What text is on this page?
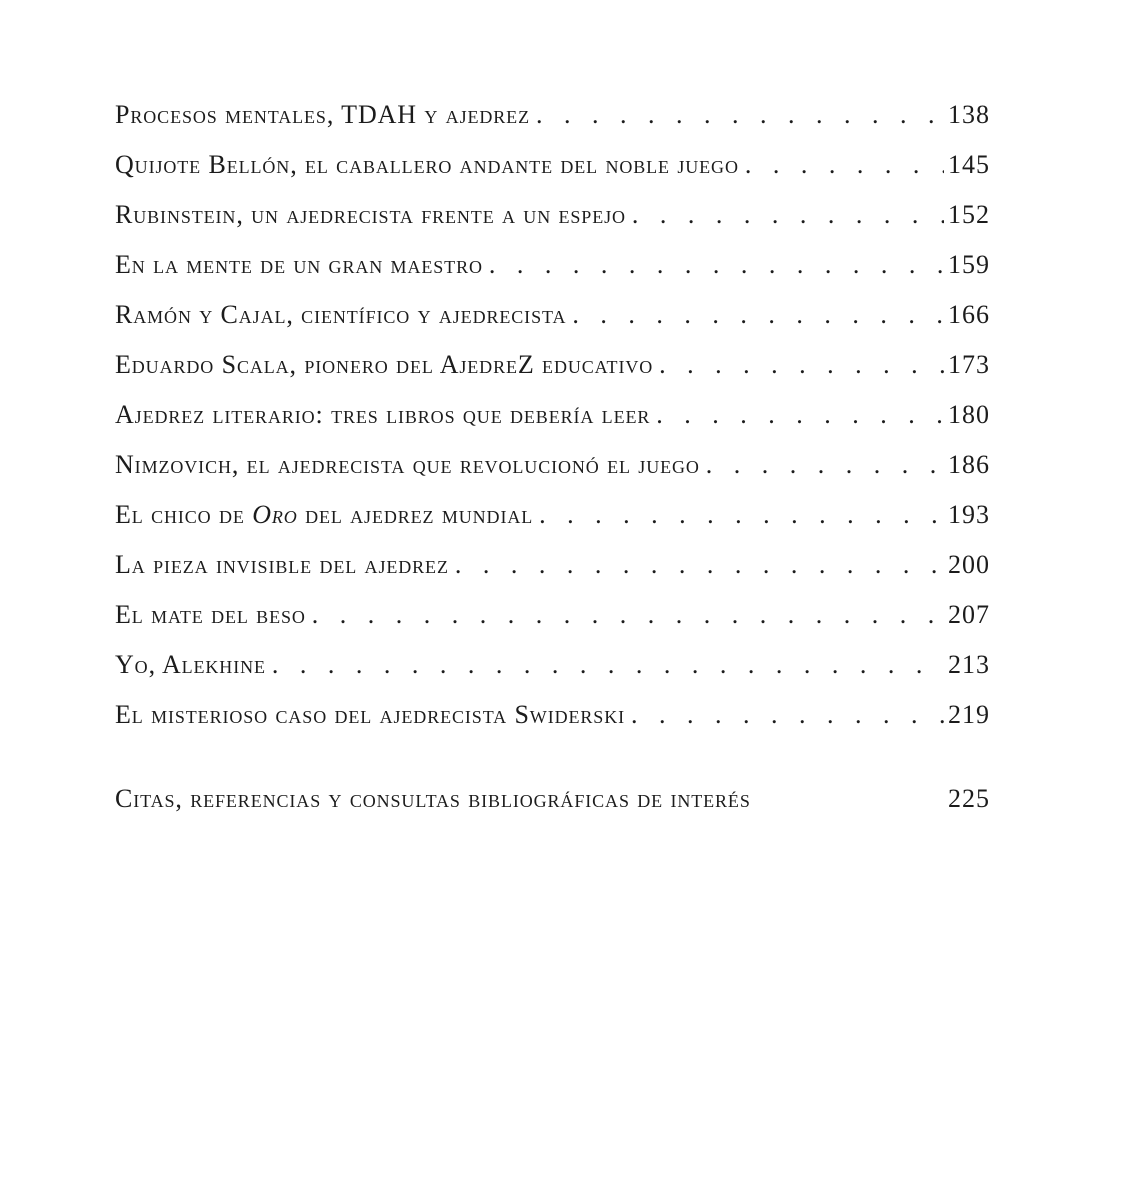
Procesos mentales, TDAH y ajedrez . . .	138
Quijote Bellón, el caballero andante del noble juego . . .	145
Rubinstein, un ajedrecista frente a un espejo . . .	152
En la mente de un gran maestro . . .	159
Ramón y Cajal, científico y ajedrecista . . .	166
Eduardo Scala, pionero del AjedreZ educativo . . .	173
Ajedrez literario: tres libros que debería leer . . .	180
Nimzovich, el ajedrecista que revolucionó el juego . . .	186
El chico de Oro del ajedrez mundial . . .	193
La pieza invisible del ajedrez . . .	200
El mate del beso . . .	207
Yo, Alekhine . . .	213
El misterioso caso del ajedrecista Swiderski . . .	219
Citas, referencias y consultas bibliográficas de interés	225
